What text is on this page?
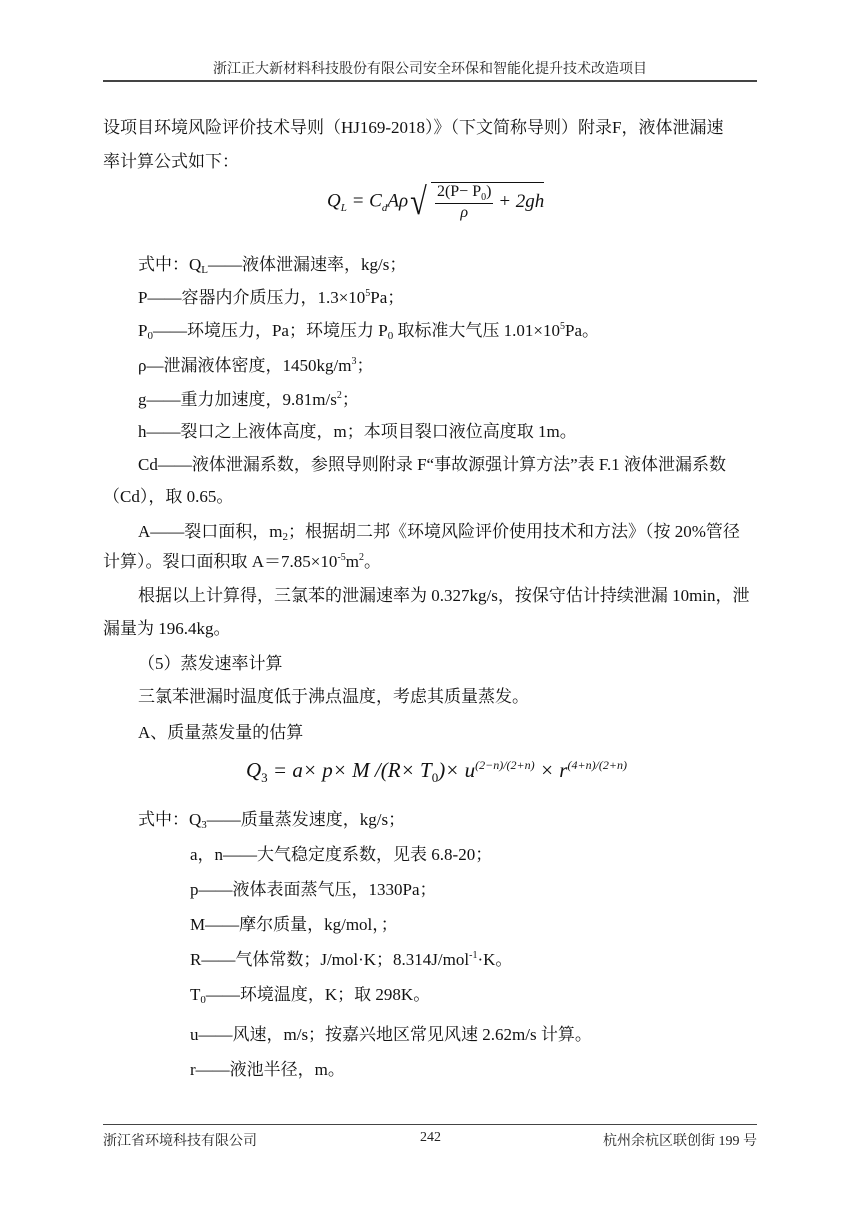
浙江正大新材料科技股份有限公司安全环保和智能化提升技术改造项目
设项目环境风险评价技术导则（HJ169-2018）》（下文简称导则）附录F，液体泄漏速
率计算公式如下：
式中：$Q_L——$液体泄漏速率，kg/s；
P——容器内介质压力，$1.3\times 10^5Pa$；
$P_0——$环境压力，Pa；环境压力 $P_0$ 取标准大气压 $1.01\times 10^5Pa$。
ρ—泄漏液体密度，$1450kg/m^3$；
g——重力加速度，$9.81m/s^2$；
h——裂口之上液体高度，m；本项目裂口液位高度取 1m。
Cd——液体泄漏系数，参照导则附录 F“事故源强计算方法”表 F.1 液体泄漏系数
（Cd），取 0.65。
A——裂口面积，$m_2$；根据胡二邦《环境风险评价使用技术和方法》（按 20%管径
计算）。裂口面积取 $A=7.85\times 10^{-5}m^2$。
根据以上计算得，三氯苯的泄漏速率为 0.327kg/s，按保守估计持续泄漏 10min，泄
漏量为 196.4kg。
（5）蒸发速率计算
三氯苯泄漏时温度低于沸点温度，考虑其质量蒸发。
A、质量蒸发量的估算
式中：$Q_3——$质量蒸发速度，kg/s；
a，n——大气稳定度系数，见表 6.8-20；
p——液体表面蒸气压，1330Pa；
M——摩尔质量，kg/mol，；
R——气体常数；J/mol·K；8.314J/mol$^{-1}$·K。
$T_0——$环境温度，K；取 298K。
u——风速，m/s；按嘉兴地区常见风速 2.62m/s 计算。
r——液池半径，m。
$Q_L = C_dA\rho√ \frac{2(P- P_0)}{\rho} + 2gh$
$Q_3 = a\times p\times M$ $/(R\times T_0)\times u^{(2-n)/(2+n)} \times r^{(4+n)/(2+n)}$
浙江省环境科技有限公司	242	杭州余杭区联创街 199 号
